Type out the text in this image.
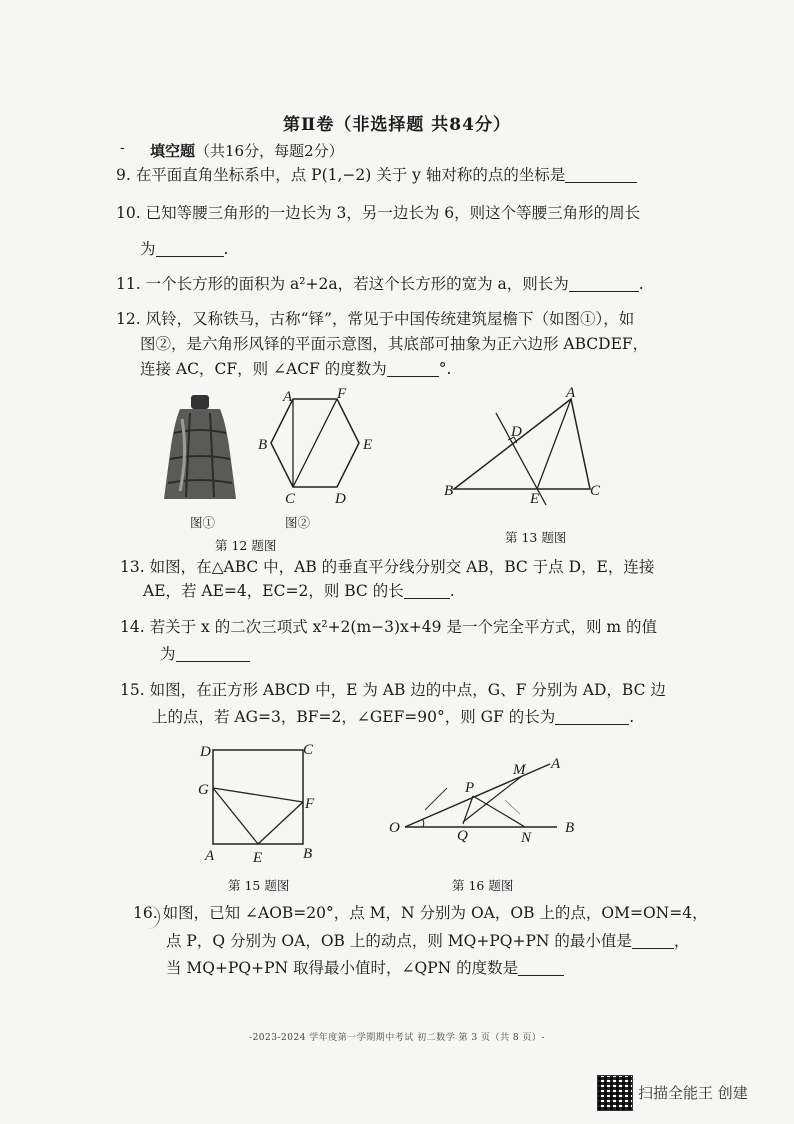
第Ⅱ卷（非选择题 共84分）
- 填空题（共16分，每题2分）
9. 在平面直角坐标系中，点 P(1,−2) 关于 y 轴对称的点的坐标是
10. 已知等腰三角形的一边长为 3，另一边长为 6，则这个等腰三角形的周长
为	.
11. 一个长方形的面积为 a²+2a，若这个长方形的宽为 a，则长为	.
12. 风铃，又称铁马，古称“铎”，常见于中国传统建筑屋檐下（如图①），如
图②，是六角形风铎的平面示意图，其底部可抽象为正六边形 ABCDEF，
连接 AC，CF，则 ∠ACF 的度数为	°.
A	F
B	E
C	D
图①	图②
第 12 题图
A
D
B	E	C
第 13 题图
13. 如图，在△ABC 中，AB 的垂直平分线分别交 AB，BC 于点 D，E，连接
AE，若 AE=4，EC=2，则 BC 的长	.
14. 若关于 x 的二次三项式 x²+2(m−3)x+49 是一个完全平方式，则 m 的值
为
15. 如图，在正方形 ABCD 中，E 为 AB 边的中点，G、F 分别为 AD，BC 边
上的点，若 AG=3，BF=2，∠GEF=90°，则 GF 的长为	.
D	C
G
F
A	E	B
第 15 题图
O
A
M
P
Q	N
B
第 16 题图
16. 如图，已知 ∠AOB=20°，点 M，N 分别为 OA，OB 上的点，OM=ON=4，
点 P，Q 分别为 OA，OB 上的动点，则 MQ+PQ+PN 的最小值是	，
当 MQ+PQ+PN 取得最小值时，∠QPN 的度数是
-2023-2024 学年度第一学期期中考试 初二数学 第 3 页（共 8 页）-
扫描全能王 创建
